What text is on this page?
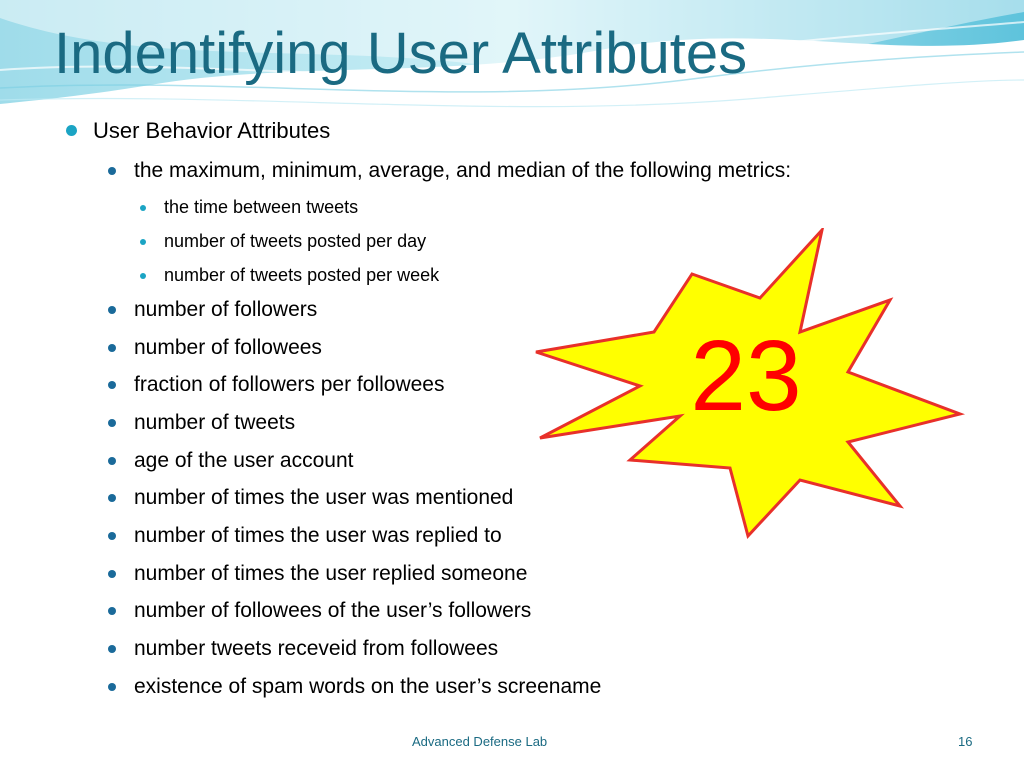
Indentifying User Attributes
User Behavior Attributes
the maximum, minimum, average, and median of the following metrics:
the time between tweets
number of tweets posted per day
number of tweets posted per week
number of followers
number of followees
fraction of followers per followees
number of tweets
age of the user account
number of times the user was mentioned
number of times the user was replied to
number of times the user replied someone
number of followees of the user’s followers
number tweets receveid from followees
existence of spam words on the user’s screename
23
Advanced Defense Lab	16
